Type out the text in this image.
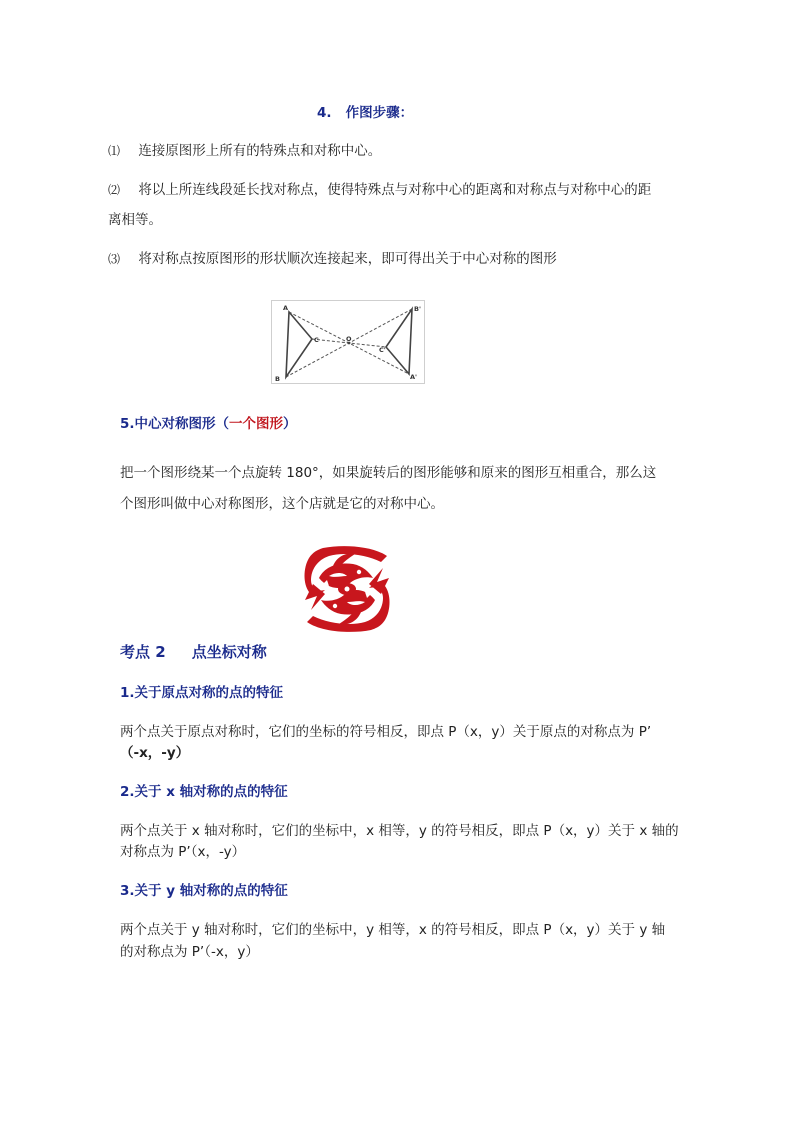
4.   作图步骤：
⑴ 连接原图形上所有的特殊点和对称中心。
⑵ 将以上所连线段延长找对称点，使得特殊点与对称中心的距离和对称点与对称中心的距
离相等。
⑶ 将对称点按原图形的形状顺次连接起来，即可得出关于中心对称的图形
A
B
C	O
A'
B'
C'
5.中心对称图形（一个图形）
把一个图形绕某一个点旋转 180°，如果旋转后的图形能够和原来的图形互相重合，那么这
个图形叫做中心对称图形，这个店就是它的对称中心。
考点 2     点坐标对称
1.关于原点对称的点的特征
两个点关于原点对称时，它们的坐标的符号相反，即点 P（x，y）关于原点的对称点为 P’
（-x，-y）
2.关于 x 轴对称的点的特征
两个点关于 x 轴对称时，它们的坐标中，x 相等，y 的符号相反，即点 P（x，y）关于 x 轴的
对称点为 P’（x，-y）
3.关于 y 轴对称的点的特征
两个点关于 y 轴对称时，它们的坐标中，y 相等，x 的符号相反，即点 P（x，y）关于 y 轴
的对称点为 P’（-x，y）
